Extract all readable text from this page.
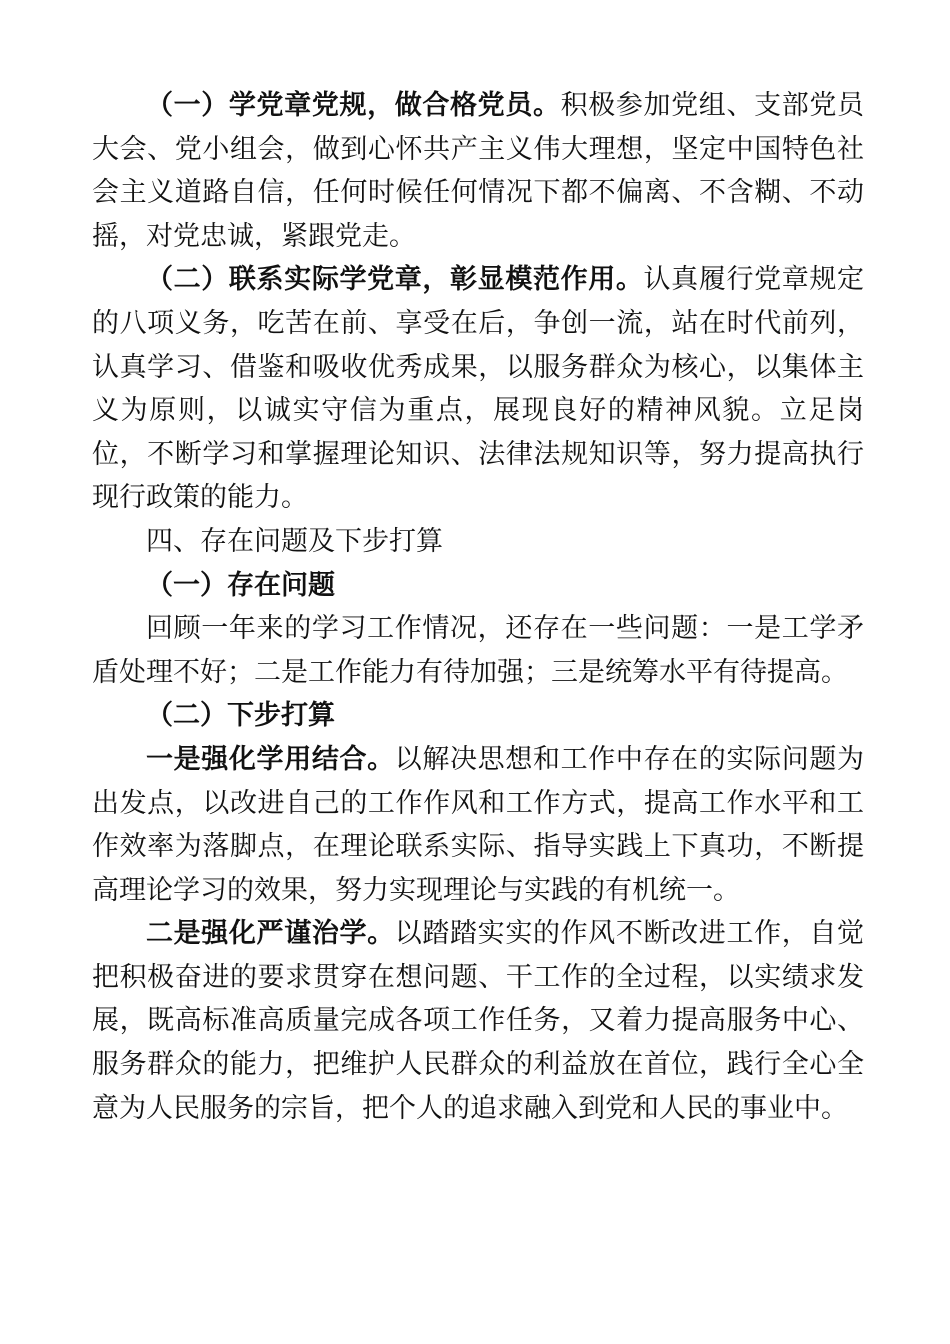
（一）学党章党规，做合格党员。积极参加党组、支部党员大会、党小组会，做到心怀共产主义伟大理想，坚定中国特色社会主义道路自信，任何时候任何情况下都不偏离、不含糊、不动摇，对党忠诚，紧跟党走。

（二）联系实际学党章，彰显模范作用。认真履行党章规定的八项义务，吃苦在前、享受在后，争创一流，站在时代前列，认真学习、借鉴和吸收优秀成果，以服务群众为核心，以集体主义为原则，以诚实守信为重点，展现良好的精神风貌。立足岗位，不断学习和掌握理论知识、法律法规知识等，努力提高执行现行政策的能力。

四、存在问题及下步打算

（一）存在问题

回顾一年来的学习工作情况，还存在一些问题：一是工学矛盾处理不好；二是工作能力有待加强；三是统筹水平有待提高。

（二）下步打算

一是强化学用结合。以解决思想和工作中存在的实际问题为出发点，以改进自己的工作作风和工作方式，提高工作水平和工作效率为落脚点，在理论联系实际、指导实践上下真功，不断提高理论学习的效果，努力实现理论与实践的有机统一。

二是强化严谨治学。以踏踏实实的作风不断改进工作，自觉把积极奋进的要求贯穿在想问题、干工作的全过程，以实绩求发展，既高标准高质量完成各项工作任务，又着力提高服务中心、服务群众的能力，把维护人民群众的利益放在首位，践行全心全意为人民服务的宗旨，把个人的追求融入到党和人民的事业中。
